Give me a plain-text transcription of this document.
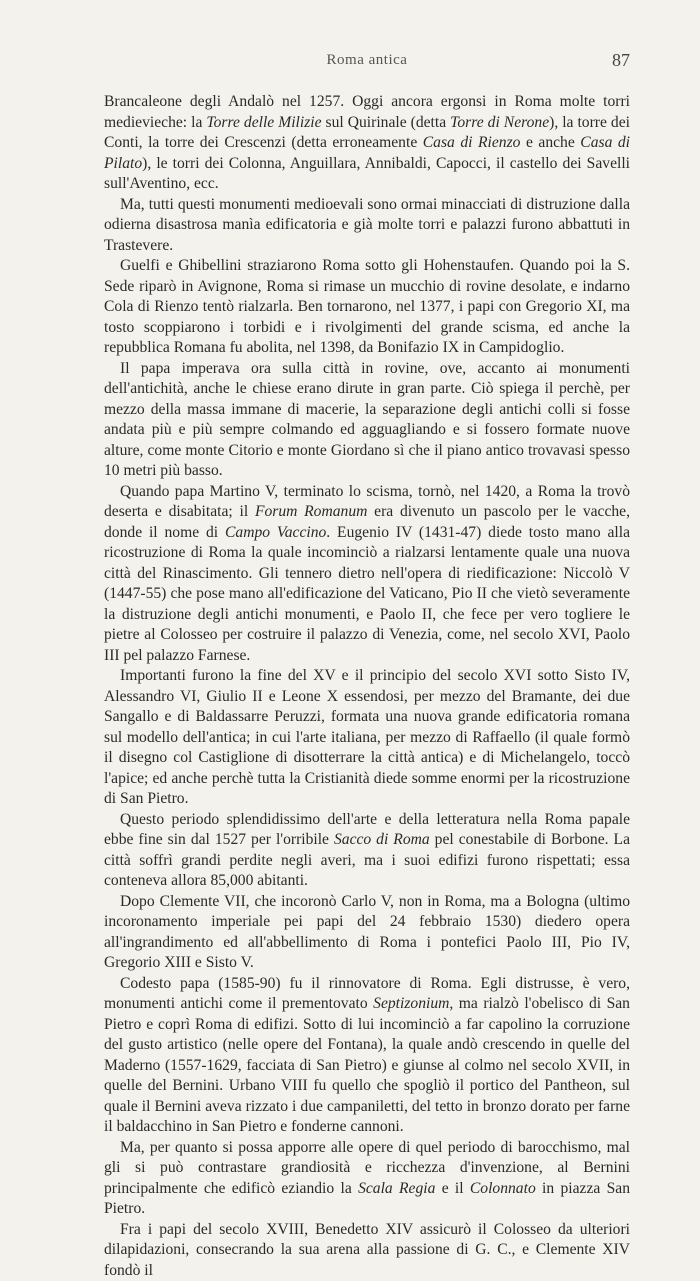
Roma antica	87

Brancaleone degli Andalò nel 1257. Oggi ancora ergonsi in Roma molte torri medievieche: la Torre delle Milizie sul Quirinale (detta Torre di Nerone), la torre dei Conti, la torre dei Crescenzi (detta erroneamente Casa di Rienzo e anche Casa di Pilato), le torri dei Colonna, Anguillara, Annibaldi, Capocci, il castello dei Savelli sull'Aventino, ecc.

Ma, tutti questi monumenti medioevali sono ormai minacciati di distruzione dalla odierna disastrosa manìa edificatoria e già molte torri e palazzi furono abbattuti in Trastevere.

Guelfi e Ghibellini straziarono Roma sotto gli Hohenstaufen. Quando poi la S. Sede riparò in Avignone, Roma si rimase un mucchio di rovine desolate, e indarno Cola di Rienzo tentò rialzarla. Ben tornarono, nel 1377, i papi con Gregorio XI, ma tosto scoppiarono i torbidi e i rivolgimenti del grande scisma, ed anche la repubblica Romana fu abolita, nel 1398, da Bonifazio IX in Campidoglio.

Il papa imperava ora sulla città in rovine, ove, accanto ai monumenti dell'antichità, anche le chiese erano dirute in gran parte. Ciò spiega il perchè, per mezzo della massa immane di macerie, la separazione degli antichi colli si fosse andata più e più sempre colmando ed agguagliando e si fossero formate nuove alture, come monte Citorio e monte Giordano sì che il piano antico trovavasi spesso 10 metri più basso.

Quando papa Martino V, terminato lo scisma, tornò, nel 1420, a Roma la trovò deserta e disabitata; il Forum Romanum era divenuto un pascolo per le vacche, donde il nome di Campo Vaccino. Eugenio IV (1431-47) diede tosto mano alla ricostruzione di Roma la quale incominciò a rialzarsi lentamente quale una nuova città del Rinascimento. Gli tennero dietro nell'opera di riedificazione: Niccolò V (1447-55) che pose mano all'edificazione del Vaticano, Pio II che vietò severamente la distruzione degli antichi monumenti, e Paolo II, che fece per vero togliere le pietre al Colosseo per costruire il palazzo di Venezia, come, nel secolo XVI, Paolo III pel palazzo Farnese.

Importanti furono la fine del XV e il principio del secolo XVI sotto Sisto IV, Alessandro VI, Giulio II e Leone X essendosi, per mezzo del Bramante, dei due Sangallo e di Baldassarre Peruzzi, formata una nuova grande edificatoria romana sul modello dell'antica; in cui l'arte italiana, per mezzo di Raffaello (il quale formò il disegno col Castiglione di disotterrare la città antica) e di Michelangelo, toccò l'apice; ed anche perchè tutta la Cristianità diede somme enormi per la ricostruzione di San Pietro.

Questo periodo splendidissimo dell'arte e della letteratura nella Roma papale ebbe fine sin dal 1527 per l'orribile Sacco di Roma pel conestabile di Borbone. La città soffrì grandi perdite negli averi, ma i suoi edifizi furono rispettati; essa conteneva allora 85,000 abitanti.

Dopo Clemente VII, che incoronò Carlo V, non in Roma, ma a Bologna (ultimo incoronamento imperiale pei papi del 24 febbraio 1530) diedero opera all'ingrandimento ed all'abbellimento di Roma i pontefici Paolo III, Pio IV, Gregorio XIII e Sisto V.

Codesto papa (1585-90) fu il rinnovatore di Roma. Egli distrusse, è vero, monumenti antichi come il prementovato Septizonium, ma rialzò l'obelisco di San Pietro e coprì Roma di edifizi. Sotto di lui incominciò a far capolino la corruzione del gusto artistico (nelle opere del Fontana), la quale andò crescendo in quelle del Maderno (1557-1629, facciata di San Pietro) e giunse al colmo nel secolo XVII, in quelle del Bernini. Urbano VIII fu quello che spogliò il portico del Pantheon, sul quale il Bernini aveva rizzato i due campaniletti, del tetto in bronzo dorato per farne il baldacchino in San Pietro e fonderne cannoni.

Ma, per quanto si possa apporre alle opere di quel periodo di barocchismo, mal gli si può contrastare grandiosità e ricchezza d'invenzione, al Bernini principalmente che edificò eziandio la Scala Regia e il Colonnato in piazza San Pietro.

Fra i papi del secolo XVIII, Benedetto XIV assicurò il Colosseo da ulteriori dilapidazioni, consecrando la sua arena alla passione di G. C., e Clemente XIV fondò il
